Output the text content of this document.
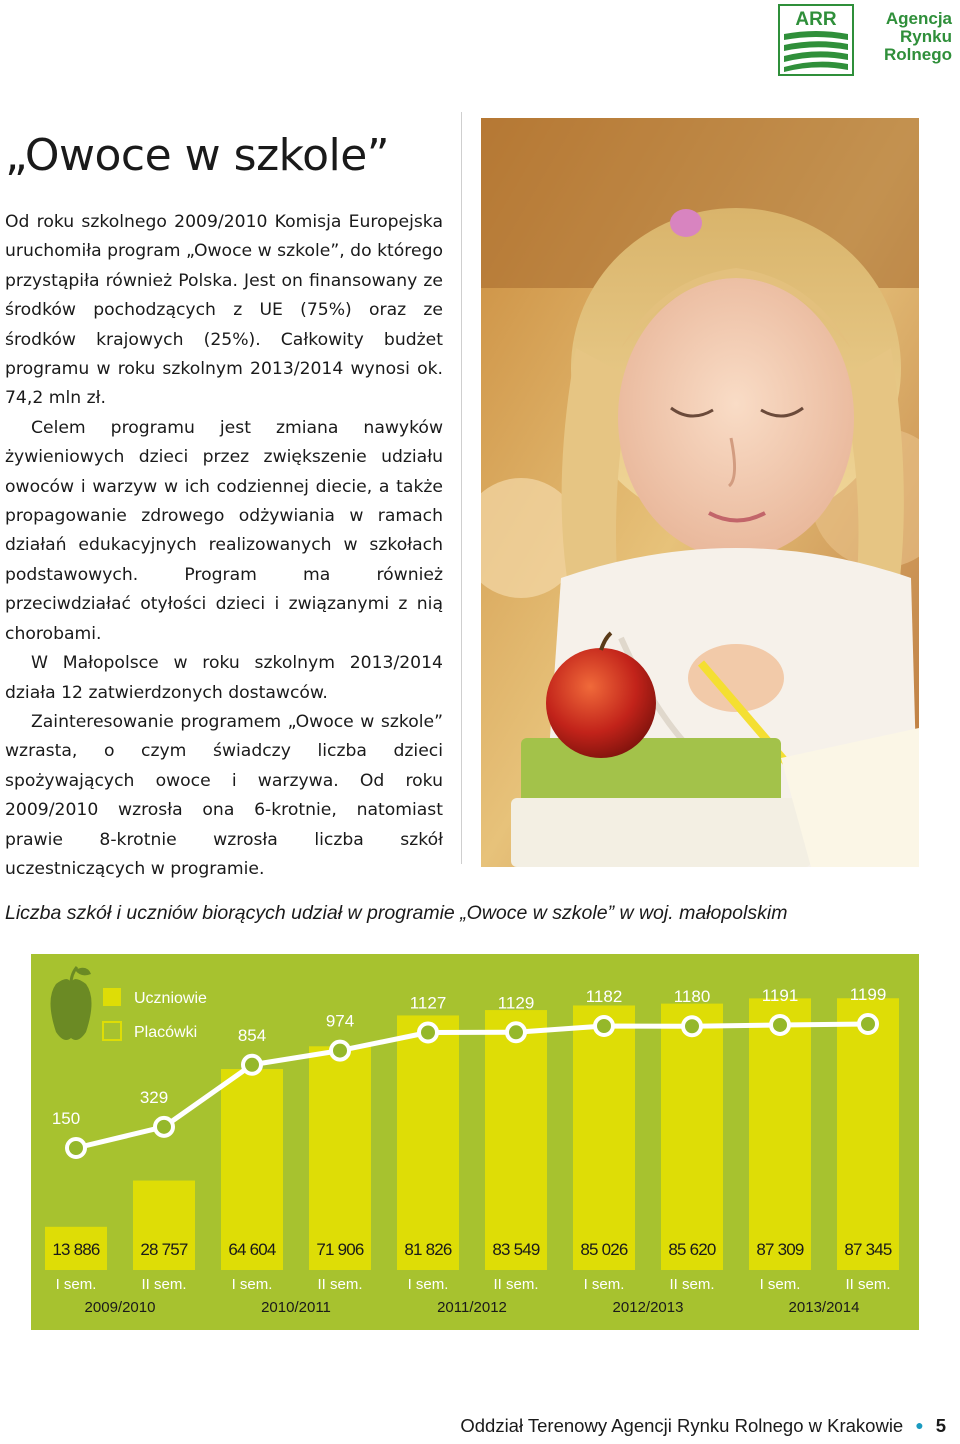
ARR	Agencja
Rynku
Rolnego
„Owoce w szkole”

Od roku szkolnego 2009/2010 Komisja Europejska uruchomiła program „Owoce w szkole”, do którego przystąpiła również Polska. Jest on finansowany ze środków pochodzących z UE (75%) oraz ze środków krajowych (25%). Całkowity budżet programu w roku szkolnym 2013/2014 wynosi ok. 74,2 mln zł.

Celem programu jest zmiana nawyków żywieniowych dzieci przez zwiększenie udziału owoców i warzyw w ich codziennej diecie, a także propagowanie zdrowego odżywiania w ramach działań edukacyjnych realizowanych w szkołach podstawowych. Program ma również przeciwdziałać otyłości dzieci i związanymi z nią chorobami.

W Małopolsce w roku szkolnym 2013/2014 działa 12 zatwierdzonych dostawców.

Zainteresowanie programem „Owoce w szkole” wzrasta, o czym świadczy liczba dzieci spożywających owoce i warzywa. Od roku 2009/2010 wzrosła ona 6-krotnie, natomiast prawie 8-krotnie wzrosła liczba szkół uczestniczących w programie.

Liczba szkół i uczniów biorących udział w programie „Owoce w szkole” w woj. małopolskim
Uczniowie
Placówki
13 886
I sem.
28 757
II sem.
64 604
I sem.
71 906
II sem.
81 826
I sem.
83 549
II sem.
85 026
I sem.
85 620
II sem.
87 309
I sem.
87 345
II sem.
2009/2010	2010/2011	2011/2012	2012/2013	2013/2014
150
329
854
974
1127	1129	1182	1180	1191	1199
Oddział Terenowy Agencji Rynku Rolnego w Krakowie ● 5
